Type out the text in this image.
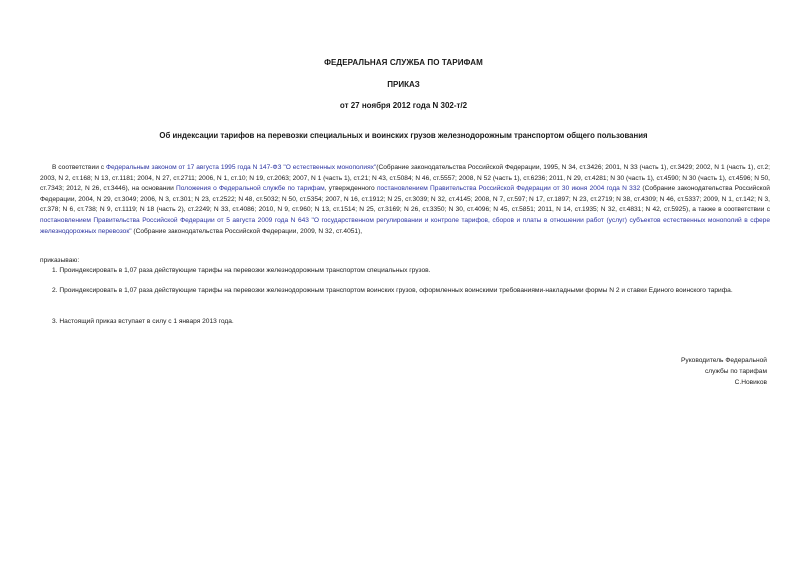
ФЕДЕРАЛЬНАЯ СЛУЖБА ПО ТАРИФАМ
ПРИКАЗ
от 27 ноября 2012 года N 302-т/2
Об индексации тарифов на перевозки специальных и воинских грузов железнодорожным транспортом общего пользования
В соответствии с Федеральным законом от 17 августа 1995 года N 147-ФЗ "О естественных монополиях"(Собрание законодательства Российской Федерации, 1995, N 34, ст.3426; 2001, N 33 (часть 1), ст.3429; 2002, N 1 (часть 1), ст.2; 2003, N 2, ст.168; N 13, ст.1181; 2004, N 27, ст.2711; 2006, N 1, ст.10; N 19, ст.2063; 2007, N 1 (часть 1), ст.21; N 43, ст.5084; N 46, ст.5557; 2008, N 52 (часть 1), ст.6236; 2011, N 29, ст.4281; N 30 (часть 1), ст.4590; N 30 (часть 1), ст.4596; N 50, ст.7343; 2012, N 26, ст.3446), на основании Положения о Федеральной службе по тарифам, утвержденного постановлением Правительства Российской Федерации от 30 июня 2004 года N 332 (Собрание законодательства Российской Федерации, 2004, N 29, ст.3049; 2006, N 3, ст.301; N 23, ст.2522; N 48, ст.5032; N 50, ст.5354; 2007, N 16, ст.1912; N 25, ст.3039; N 32, ст.4145; 2008, N 7, ст.597; N 17, ст.1897; N 23, ст.2719; N 38, ст.4309; N 46, ст.5337; 2009, N 1, ст.142; N 3, ст.378; N 6, ст.738; N 9, ст.1119; N 18 (часть 2), ст.2249; N 33, ст.4086; 2010, N 9, ст.960; N 13, ст.1514; N 25, ст.3169; N 26, ст.3350; N 30, ст.4096; N 45, ст.5851; 2011, N 14, ст.1935; N 32, ст.4831; N 42, ст.5925), а также в соответствии с постановлением Правительства Российской Федерации от 5 августа 2009 года N 643 "О государственном регулировании и контроле тарифов, сборов и платы в отношении работ (услуг) субъектов естественных монополий в сфере железнодорожных перевозок" (Собрание законодательства Российской Федерации, 2009, N 32, ст.4051),
приказываю:
1. Проиндексировать в 1,07 раза действующие тарифы на перевозки железнодорожным транспортом специальных грузов.
2. Проиндексировать в 1,07 раза действующие тарифы на перевозки железнодорожным транспортом воинских грузов, оформленных воинскими требованиями-накладными формы N 2 и ставки Единого воинского тарифа.
3. Настоящий приказ вступает в силу с 1 января 2013 года.
Руководитель Федеральной
службы по тарифам
С.Новиков
